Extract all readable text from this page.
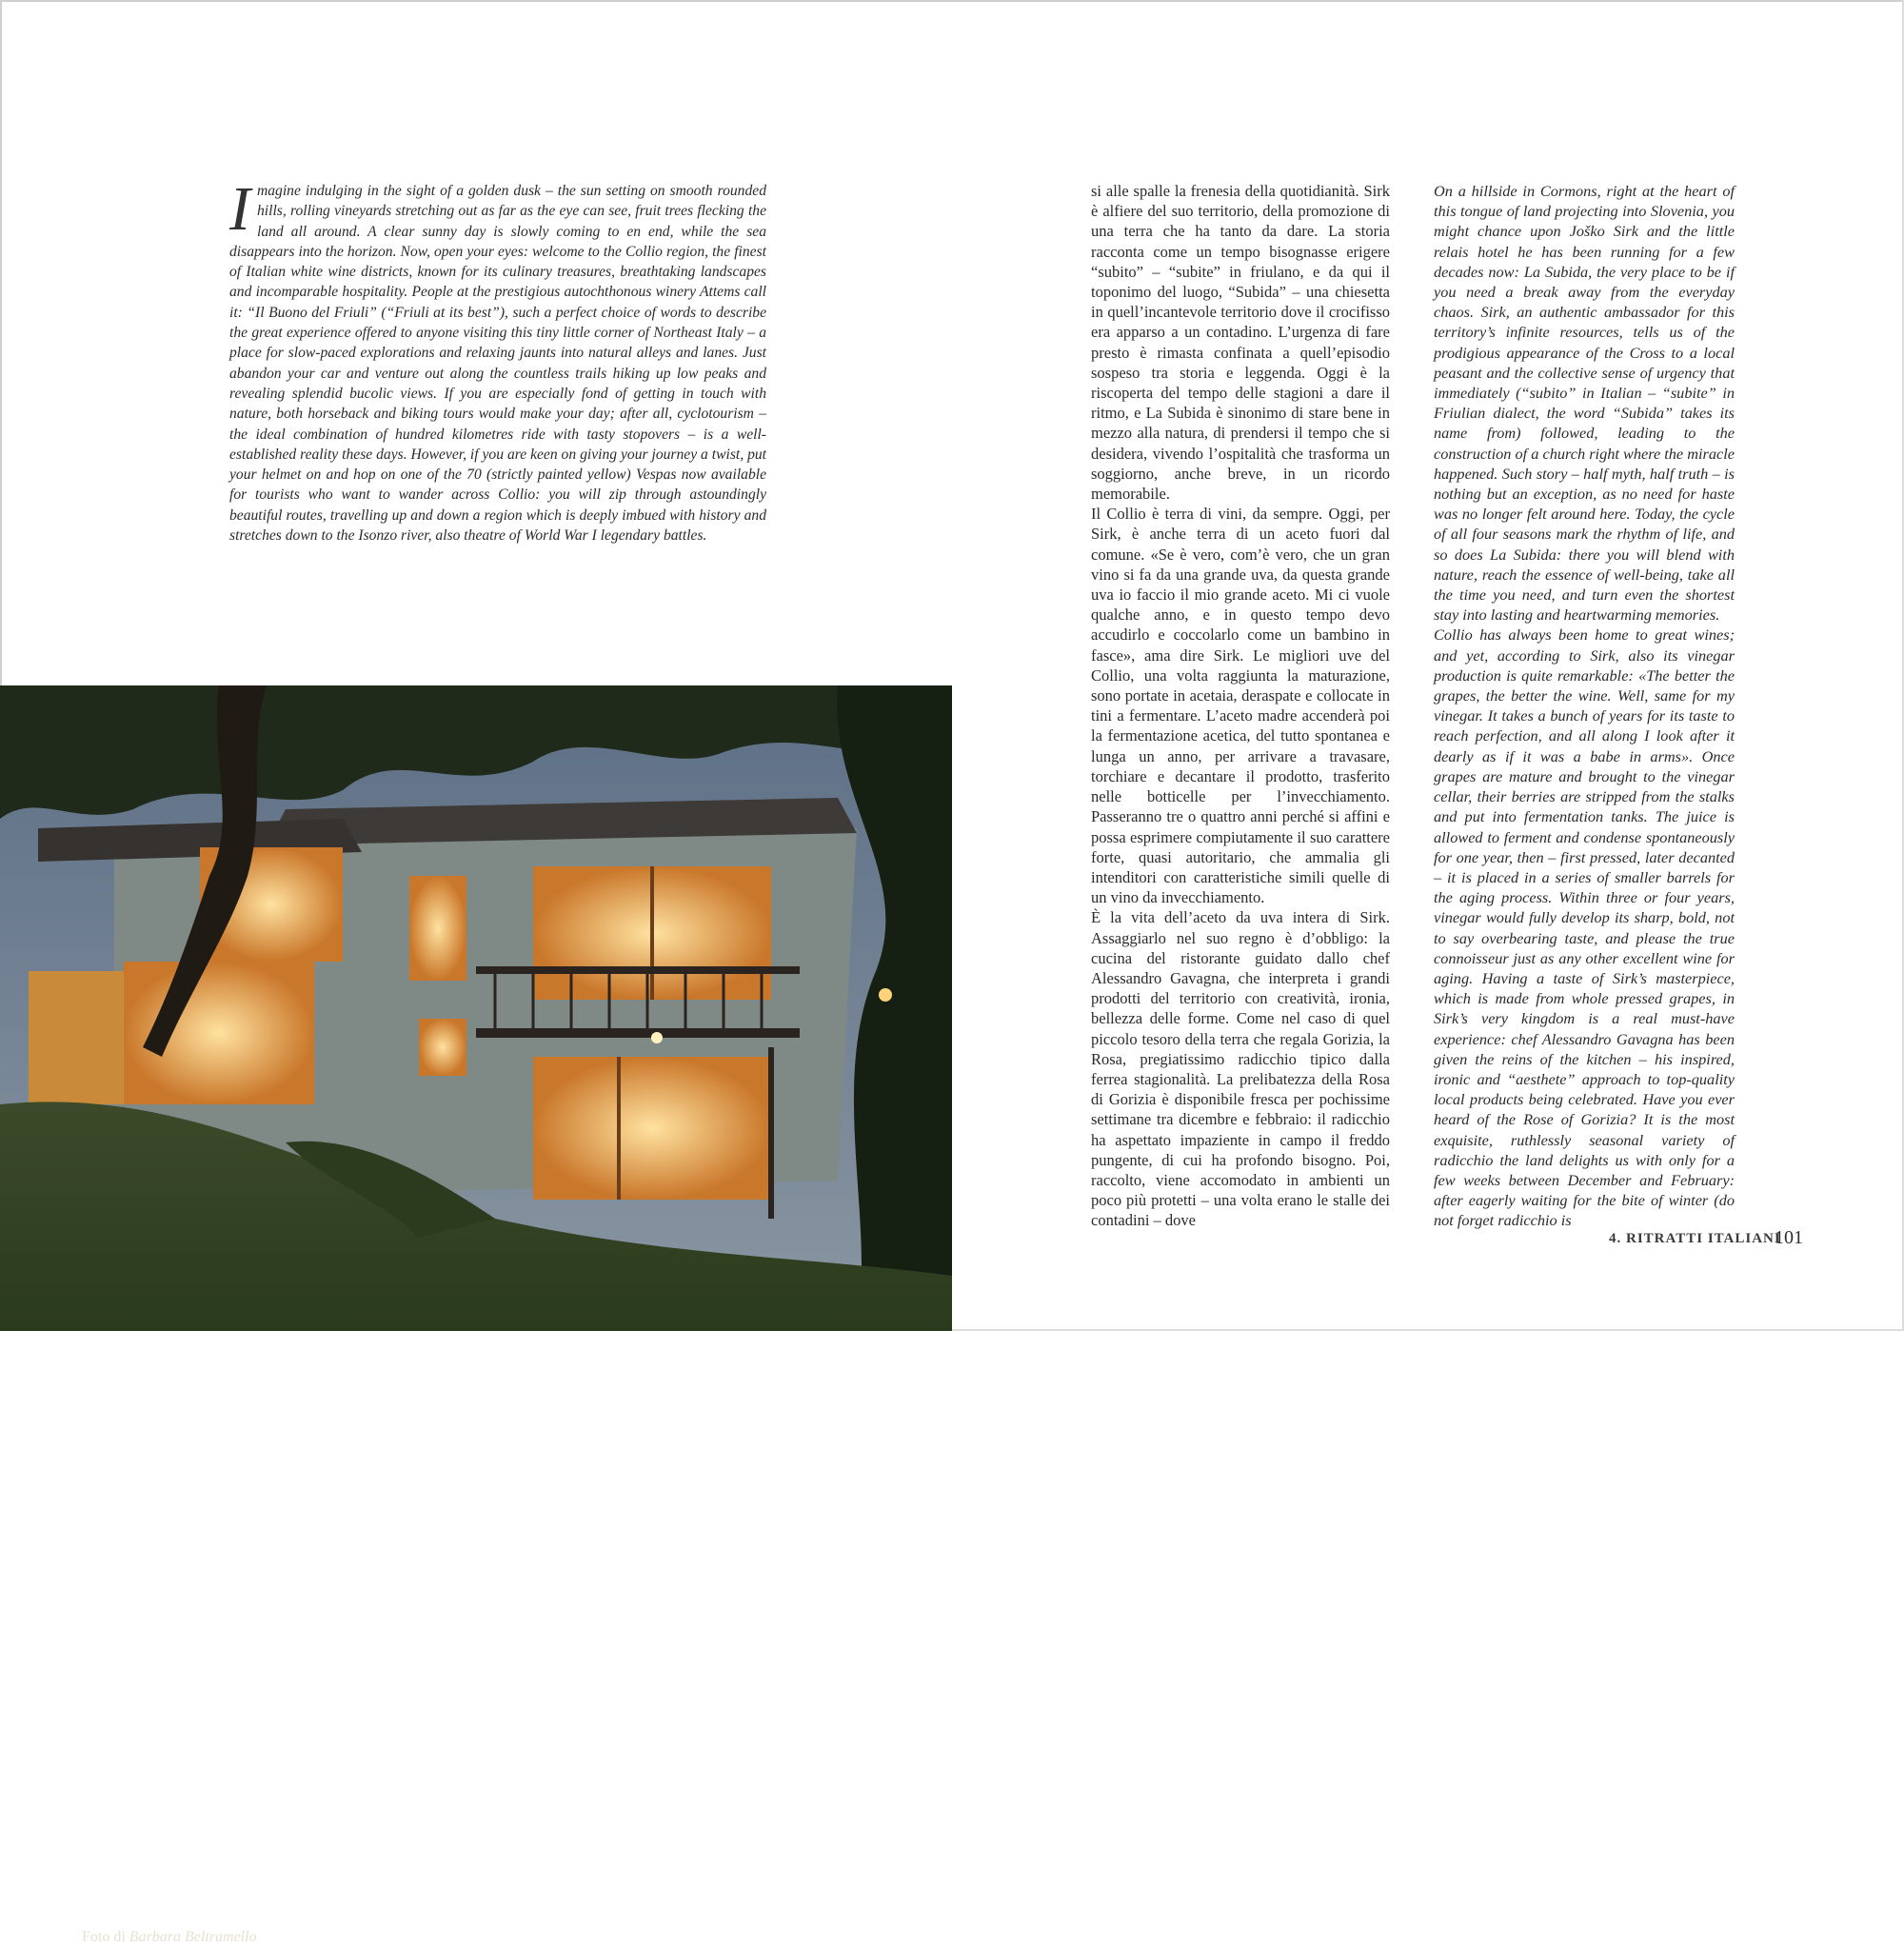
I magine indulging in the sight of a golden dusk – the sun setting on smooth rounded hills, rolling vineyards stretching out as far as the eye can see, fruit trees flecking the land all around. A clear sunny day is slowly coming to en end, while the sea disappears into the horizon. Now, open your eyes: welcome to the Collio region, the finest of Italian white wine districts, known for its culinary treasures, breathtaking landscapes and incomparable hospitality. People at the prestigious autochthonous winery Attems call it: “Il Buono del Friuli” (“Friuli at its best”), such a perfect choice of words to describe the great experience offered to anyone visiting this tiny little corner of Northeast Italy – a place for slow-paced explorations and relaxing jaunts into natural alleys and lanes. Just abandon your car and venture out along the countless trails hiking up low peaks and revealing splendid bucolic views. If you are especially fond of getting in touch with nature, both horseback and biking tours would make your day; after all, cyclotourism – the ideal combination of hundred kilometres ride with tasty stopovers – is a well-established reality these days. However, if you are keen on giving your journey a twist, put your helmet on and hop on one of the 70 (strictly painted yellow) Vespas now available for tourists who want to wander across Collio: you will zip through astoundingly beautiful routes, travelling up and down a region which is deeply imbued with history and stretches down to the Isonzo river, also theatre of World War I legendary battles.

si alle spalle la frenesia della quotidianità. Sirk è alfiere del suo territorio, della promozione di una terra che ha tanto da dare. La storia racconta come un tempo bisognasse erigere “subito” – “subite” in friulano, e da qui il toponimo del luogo, “Subida” – una chiesetta in quell’incantevole territorio dove il crocifisso era apparso a un contadino. L’urgenza di fare presto è rimasta confinata a quell’episodio sospeso tra storia e leggenda. Oggi è la riscoperta del tempo delle stagioni a dare il ritmo, e La Subida è sinonimo di stare bene in mezzo alla natura, di prendersi il tempo che si desidera, vivendo l’ospitalità che trasforma un soggiorno, anche breve, in un ricordo memorabile.

Il Collio è terra di vini, da sempre. Oggi, per Sirk, è anche terra di un aceto fuori dal comune. «Se è vero, com’è vero, che un gran vino si fa da una grande uva, da questa grande uva io faccio il mio grande aceto. Mi ci vuole qualche anno, e in questo tempo devo accudirlo e coccolarlo come un bambino in fasce», ama dire Sirk. Le migliori uve del Collio, una volta raggiunta la maturazione, sono portate in acetaia, deraspate e collocate in tini a fermentare. L’aceto madre accenderà poi la fermentazione acetica, del tutto spontanea e lunga un anno, per arrivare a travasare, torchiare e decantare il prodotto, trasferito nelle botticelle per l’invecchiamento. Passeranno tre o quattro anni perché si affini e possa esprimere compiutamente il suo carattere forte, quasi autoritario, che ammalia gli intenditori con caratteristiche simili quelle di un vino da invecchiamento.

È la vita dell’aceto da uva intera di Sirk. Assaggiarlo nel suo regno è d’obbligo: la cucina del ristorante guidato dallo chef Alessandro Gavagna, che interpreta i grandi prodotti del territorio con creatività, ironia, bellezza delle forme. Come nel caso di quel piccolo tesoro della terra che regala Gorizia, la Rosa, pregiatissimo radicchio tipico dalla ferrea stagionalità. La prelibatezza della Rosa di Gorizia è disponibile fresca per pochissime settimane tra dicembre e febbraio: il radicchio ha aspettato impaziente in campo il freddo pungente, di cui ha profondo bisogno. Poi, raccolto, viene accomodato in ambienti un poco più protetti – una volta erano le stalle dei contadini – dove

On a hillside in Cormons, right at the heart of this tongue of land projecting into Slovenia, you might chance upon Joško Sirk and the little relais hotel he has been running for a few decades now: La Subida, the very place to be if you need a break away from the everyday chaos. Sirk, an authentic ambassador for this territory’s infinite resources, tells us of the prodigious appearance of the Cross to a local peasant and the collective sense of urgency that immediately (“subito” in Italian – “subite” in Friulian dialect, the word “Subida” takes its name from) followed, leading to the construction of a church right where the miracle happened. Such story – half myth, half truth – is nothing but an exception, as no need for haste was no longer felt around here. Today, the cycle of all four seasons mark the rhythm of life, and so does La Subida: there you will blend with nature, reach the essence of well-being, take all the time you need, and turn even the shortest stay into lasting and heartwarming memories.

Collio has always been home to great wines; and yet, according to Sirk, also its vinegar production is quite remarkable: «The better the grapes, the better the wine. Well, same for my vinegar. It takes a bunch of years for its taste to reach perfection, and all along I look after it dearly as if it was a babe in arms». Once grapes are mature and brought to the vinegar cellar, their berries are stripped from the stalks and put into fermentation tanks. The juice is allowed to ferment and condense spontaneously for one year, then – first pressed, later decanted – it is placed in a series of smaller barrels for the aging process. Within three or four years, vinegar would fully develop its sharp, bold, not to say overbearing taste, and please the true connoisseur just as any other excellent wine for aging. Having a taste of Sirk’s masterpiece, which is made from whole pressed grapes, in Sirk’s very kingdom is a real must-have experience: chef Alessandro Gavagna has been given the reins of the kitchen – his inspired, ironic and “aesthete” approach to top-quality local products being celebrated. Have you ever heard of the Rose of Gorizia? It is the most exquisite, ruthlessly seasonal variety of radicchio the land delights us with only for a few weeks between December and February: after eagerly waiting for the bite of winter (do not forget radicchio is

Foto di Barbara Beltramello
4. RITRATTI ITALIANI
101
